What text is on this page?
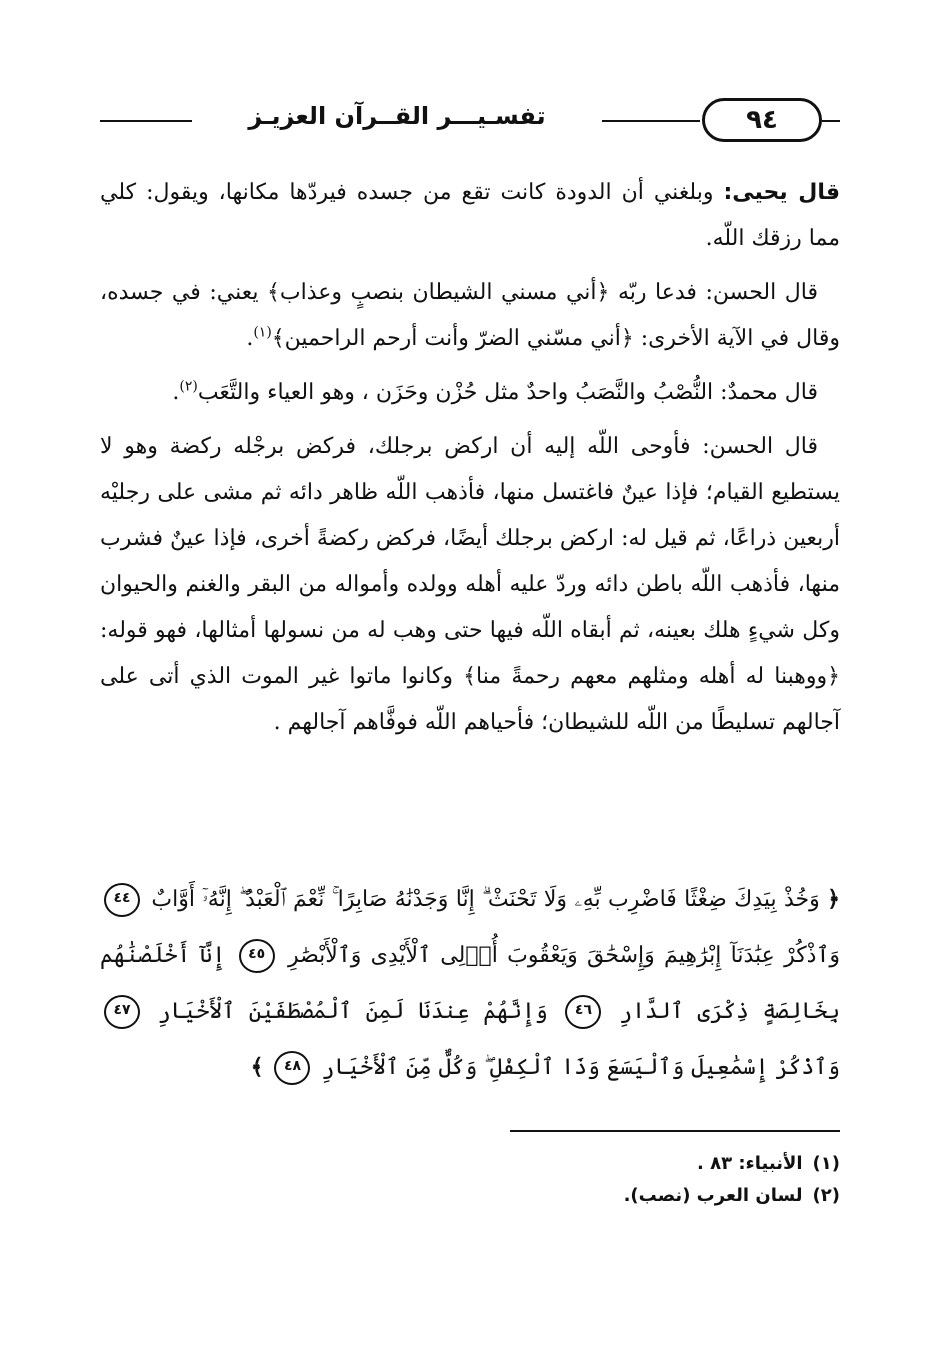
٩٤
تفسـيـــر القــرآن العزيـز

قال يحيى: وبلغني أن الدودة كانت تقع من جسده فيردّها مكانها، ويقول: كلي مما رزقك اللّه.

قال الحسن: فدعا ربّه ﴿أني مسني الشيطان بنصبٍ وعذاب﴾ يعني: في جسده، وقال في الآية الأخرى: ﴿أني مسّني الضرّ وأنت أرحم الراحمين﴾$^{(١)}$.

قال محمدٌ: النُّصْبُ والنَّصَبُ واحدٌ مثل حُزْن وحَزَن ، وهو العياء والتَّعَب$^{(٢)}$.

قال الحسن: فأوحى اللّه إليه أن اركض برجلك، فركض برجْله ركضة وهو لا يستطيع القيام؛ فإذا عينٌ فاغتسل منها، فأذهب اللّه ظاهر دائه ثم مشى على رجليْه أربعين ذراعًا، ثم قيل له: اركض برجلك أيضًا، فركض ركضةً أخرى، فإذا عينٌ فشرب منها، فأذهب اللّه باطن دائه وردّ عليه أهله وولده وأمواله من البقر والغنم والحيوان وكل شيءٍ هلك بعينه، ثم أبقاه اللّه فيها حتى وهب له من نسولها أمثالها، فهو قوله: ﴿ووهبنا له أهله ومثلهم معهم رحمةً منا﴾ وكانوا ماتوا غير الموت الذي أتى على آجالهم تسليطًا من اللّه للشيطان؛ فأحياهم اللّه فوفَّاهم آجالهم .

﴿ وَخُذْ بِيَدِكَ ضِغْثًا فَاضْرِب بِّهِۦ وَلَا تَحْنَثْ ۗ إِنَّا وَجَدْنَٰهُ صَابِرًا ۚ نِّعْمَ ٱلْعَبْدُ ۖ إِنَّهُۥٓ أَوَّابٌ ٤٤ وَٱذْكُرْ عِبَٰدَنَآ إِبْرَٰهِيمَ وَإِسْحَٰقَ وَيَعْقُوبَ أُو۟لِى ٱلْأَيْدِى وَٱلْأَبْصَٰرِ ٤٥ إِنَّآ أَخْلَصْنَٰهُم بِخَالِصَةٍ ذِكْرَى ٱلدَّارِ ٤٦ وَإِنَّهُمْ عِندَنَا لَمِنَ ٱلْمُصْطَفَيْنَ ٱلْأَخْيَارِ ٤٧ وَٱذْكُرْ إِسْمَٰعِيلَ وَٱلْيَسَعَ وَذَا ٱلْكِفْلِ ۖ وَكُلٌّ مِّنَ ٱلْأَخْيَارِ ٤٨ ﴾
(١)
الأنبياء: ٨٣ .
(٢)
لسان العرب (نصب).
